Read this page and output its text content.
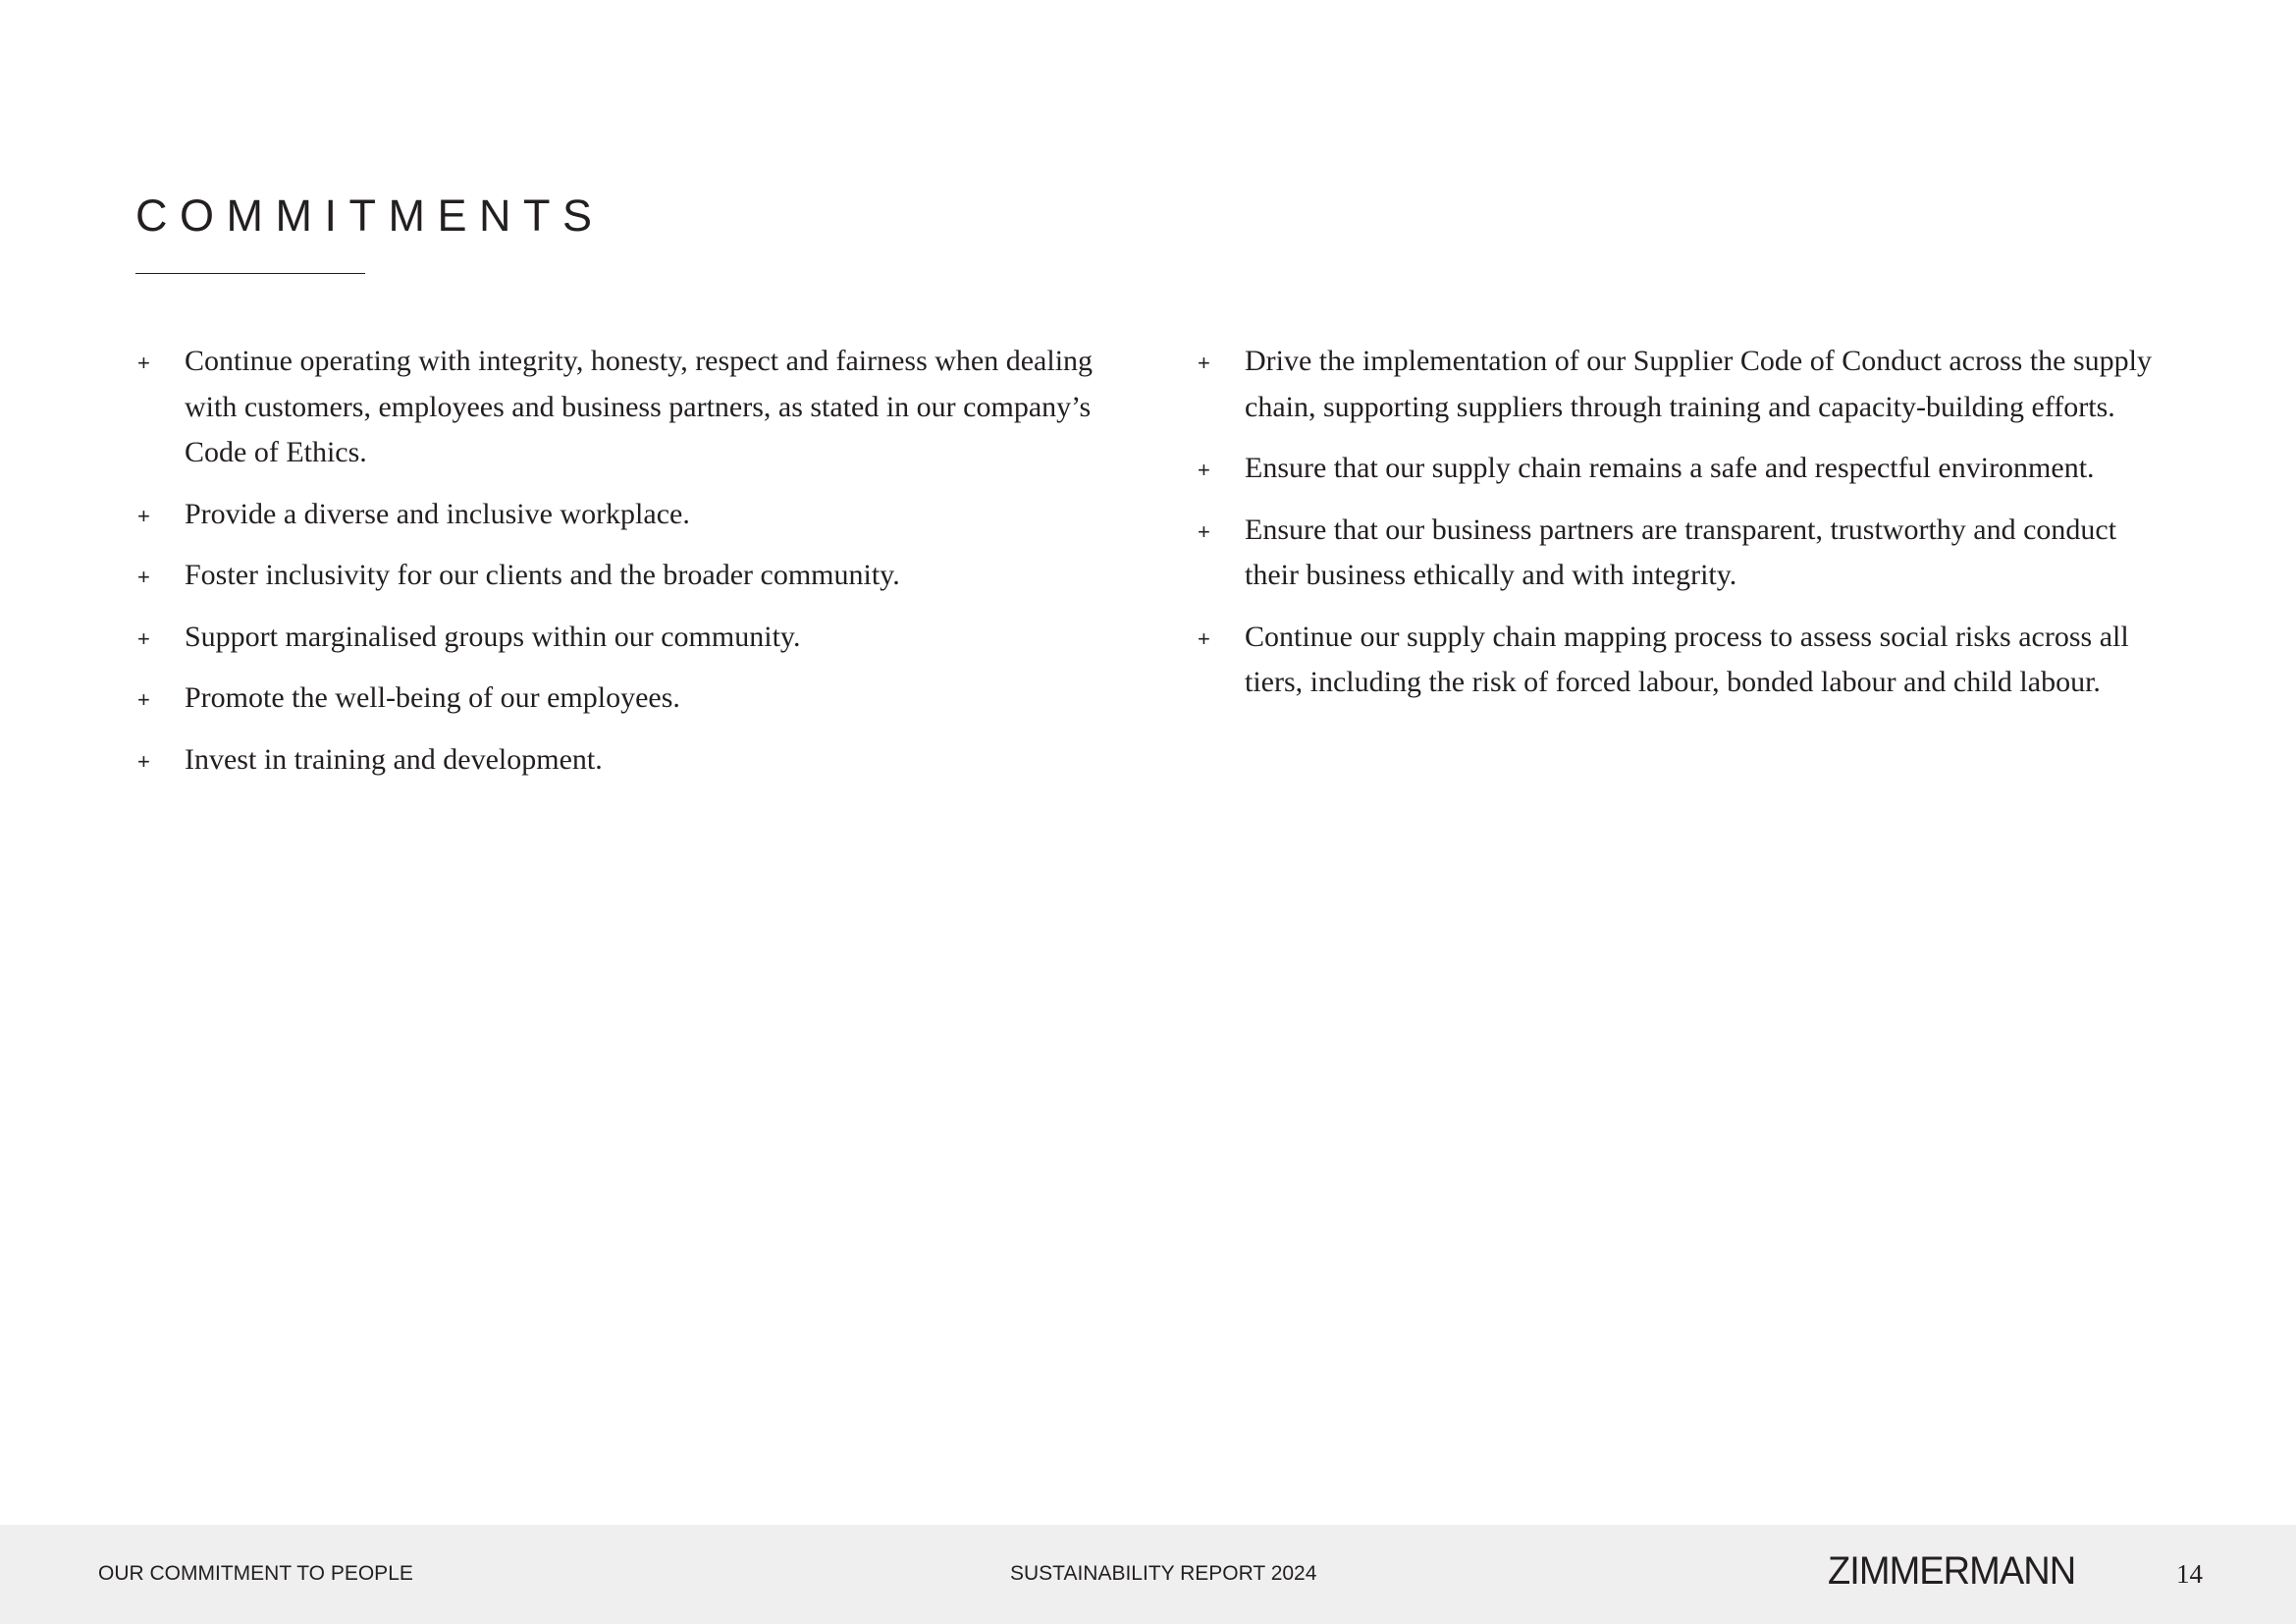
COMMITMENTS
+ Continue operating with integrity, honesty, respect and fairness when dealing with customers, employees and business partners, as stated in our company’s Code of Ethics.
+ Provide a diverse and inclusive workplace.
+ Foster inclusivity for our clients and the broader community.
+ Support marginalised groups within our community.
+ Promote the well-being of our employees.
+ Invest in training and development.
+ Drive the implementation of our Supplier Code of Conduct across the supply chain, supporting suppliers through training and capacity-building efforts.
+ Ensure that our supply chain remains a safe and respectful environment.
+ Ensure that our business partners are transparent, trustworthy and conduct their business ethically and with integrity.
+ Continue our supply chain mapping process to assess social risks across all tiers, including the risk of forced labour, bonded labour and child labour.
OUR COMMITMENT TO PEOPLE	SUSTAINABILITY REPORT 2024	ZIMMERMANN	14
